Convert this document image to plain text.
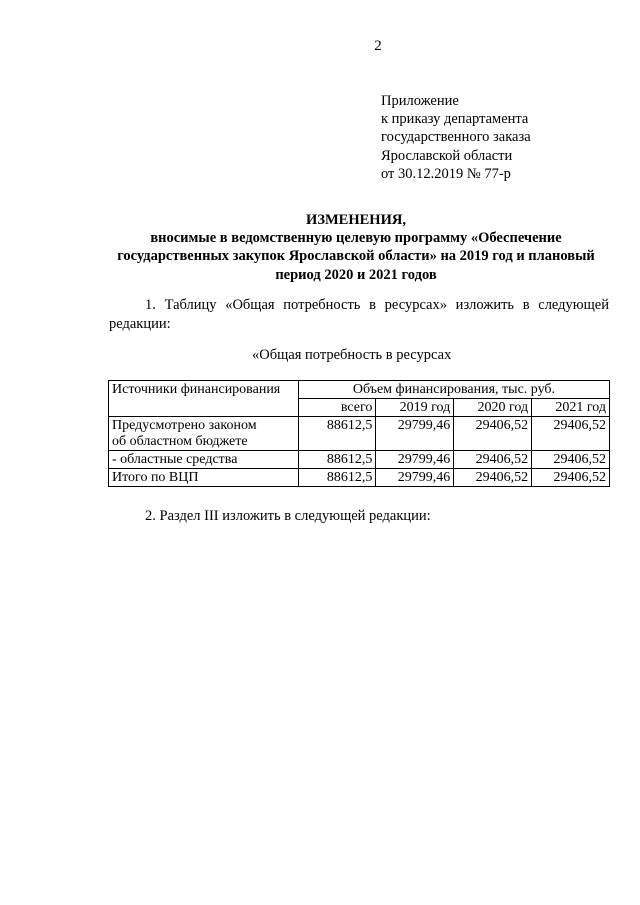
2
Приложение
к приказу департамента
государственного заказа
Ярославской области
от 30.12.2019 № 77-р
ИЗМЕНЕНИЯ,
вносимые в ведомственную целевую программу «Обеспечение
государственных закупок Ярославской области» на 2019 год и плановый
период 2020 и 2021 годов
1. Таблицу «Общая потребность в ресурсах» изложить в следующей
редакции:
«Общая потребность в ресурсах
Источники финансирования	Объем финансирования, тыс. руб.			
	всего	2019 год	2020 год	2021 год

Предусмотрено законом
об областном бюджете	88612,5	29799,46	29406,52	29406,52
- областные средства	88612,5	29799,46	29406,52	29406,52
Итого по ВЦП	88612,5	29799,46	29406,52	29406,52
2. Раздел III изложить в следующей редакции:
